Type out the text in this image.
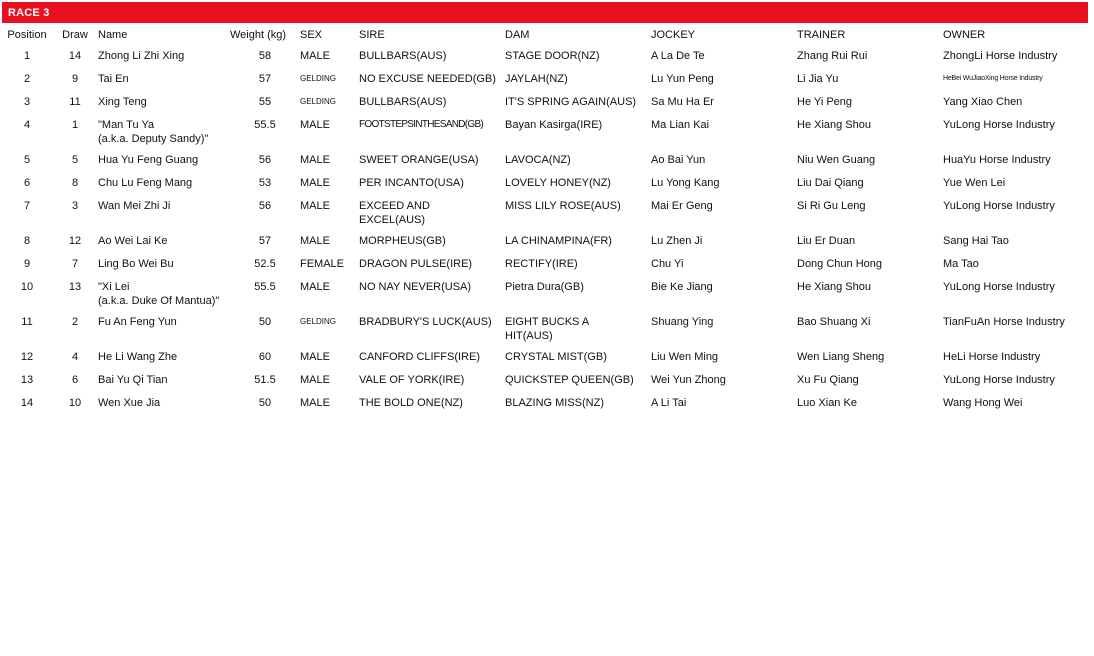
RACE 3
Position	Draw	Name	Weight (kg)	SEX	SIRE	DAM	JOCKEY	TRAINER	OWNER
1	14	Zhong Li Zhi Xing	58	MALE	BULLBARS(AUS)	STAGE DOOR(NZ)	A La De Te	Zhang Rui Rui	ZhongLi Horse Industry
2	9	Tai En	57	GELDING	NO EXCUSE NEEDED(GB)	JAYLAH(NZ)	Lu Yun Peng	Li Jia Yu	HeBei WuJiaoXing Horse Industry
3	11	Xing Teng	55	GELDING	BULLBARS(AUS)	IT'S SPRING AGAIN(AUS)	Sa Mu Ha Er	He Yi Peng	Yang Xiao Chen
4	1	"Man Tu Ya
(a.k.a. Deputy Sandy)"	55.5	MALE	FOOTSTEPSINTHESAND(GB)	Bayan Kasirga(IRE)	Ma Lian Kai	He Xiang Shou	YuLong Horse Industry
5	5	Hua Yu Feng Guang	56	MALE	SWEET ORANGE(USA)	LAVOCA(NZ)	Ao Bai Yun	Niu Wen Guang	HuaYu Horse Industry
6	8	Chu Lu Feng Mang	53	MALE	PER INCANTO(USA)	LOVELY HONEY(NZ)	Lu Yong Kang	Liu Dai Qiang	Yue Wen Lei
7	3	Wan Mei Zhi Ji	56	MALE	EXCEED AND
EXCEL(AUS)	MISS LILY ROSE(AUS)	Mai Er Geng	Si Ri Gu Leng	YuLong Horse Industry
8	12	Ao Wei Lai Ke	57	MALE	MORPHEUS(GB)	LA CHINAMPINA(FR)	Lu Zhen Ji	Liu Er Duan	Sang Hai Tao
9	7	Ling Bo Wei Bu	52.5	FEMALE	DRAGON PULSE(IRE)	RECTIFY(IRE)	Chu Yi	Dong Chun Hong	Ma Tao
10	13	"Xi Lei
(a.k.a. Duke Of Mantua)"	55.5	MALE	NO NAY NEVER(USA)	Pietra Dura(GB)	Bie Ke Jiang	He Xiang Shou	YuLong Horse Industry
11	2	Fu An Feng Yun	50	GELDING	BRADBURY'S LUCK(AUS)	EIGHT BUCKS A
HIT(AUS)	Shuang Ying	Bao Shuang Xi	TianFuAn Horse Industry
12	4	He Li Wang Zhe	60	MALE	CANFORD CLIFFS(IRE)	CRYSTAL MIST(GB)	Liu Wen Ming	Wen Liang Sheng	HeLi Horse Industry
13	6	Bai Yu Qi Tian	51.5	MALE	VALE OF YORK(IRE)	QUICKSTEP QUEEN(GB)	Wei Yun Zhong	Xu Fu Qiang	YuLong Horse Industry
14	10	Wen Xue Jia	50	MALE	THE BOLD ONE(NZ)	BLAZING MISS(NZ)	A Li Tai	Luo Xian Ke	Wang Hong Wei
